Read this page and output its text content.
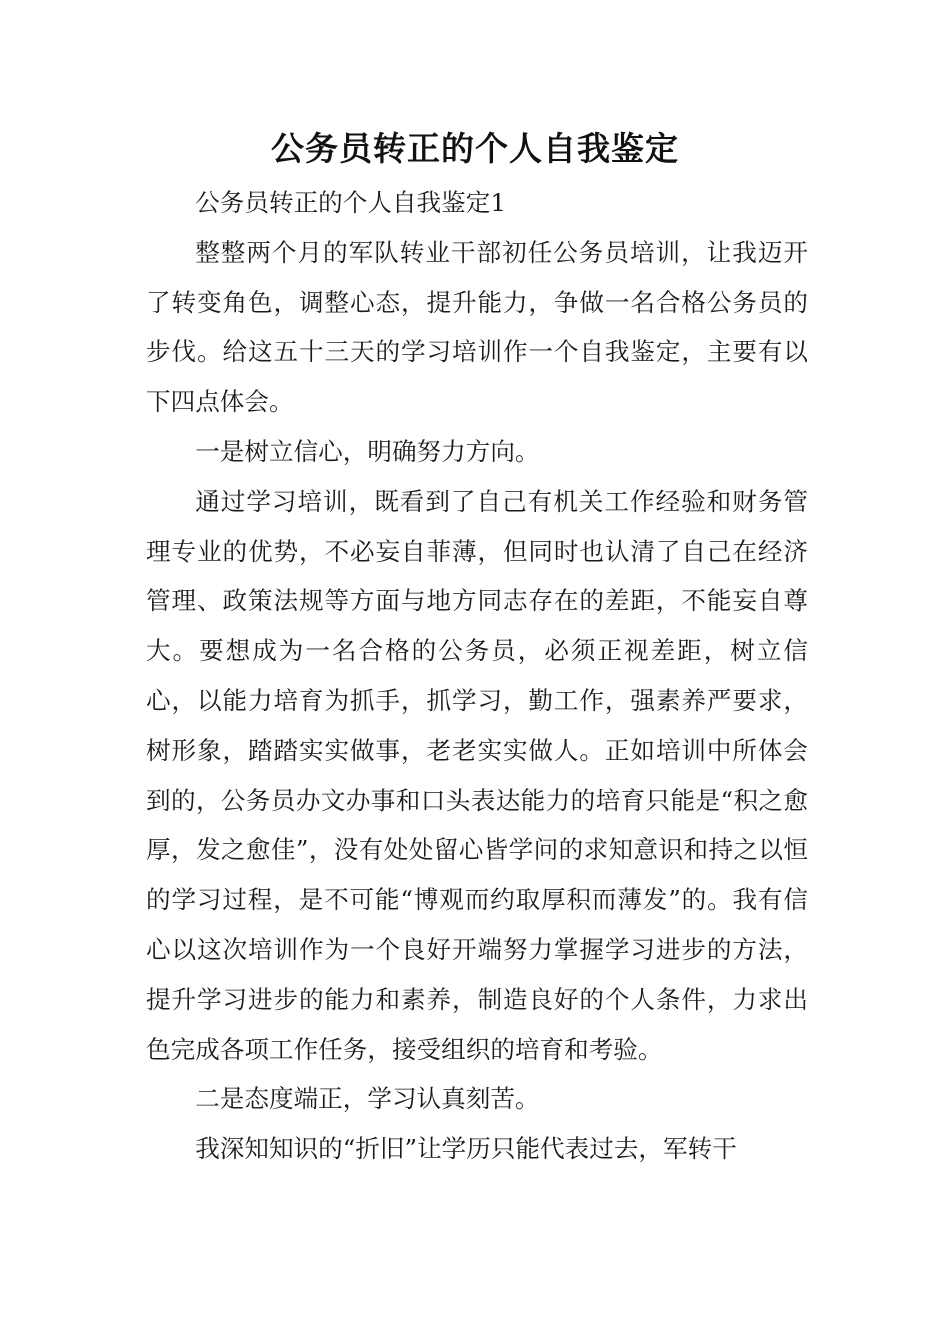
公务员转正的个人自我鉴定

公务员转正的个人自我鉴定1

整整两个月的军队转业干部初任公务员培训，让我迈开了转变角色，调整心态，提升能力，争做一名合格公务员的步伐。给这五十三天的学习培训作一个自我鉴定，主要有以下四点体会。

一是树立信心，明确努力方向。

通过学习培训，既看到了自己有机关工作经验和财务管理专业的优势，不必妄自菲薄，但同时也认清了自己在经济管理、政策法规等方面与地方同志存在的差距，不能妄自尊大。要想成为一名合格的公务员，必须正视差距，树立信心，以能力培育为抓手，抓学习，勤工作，强素养严要求，树形象，踏踏实实做事，老老实实做人。正如培训中所体会到的，公务员办文办事和口头表达能力的培育只能是“积之愈厚，发之愈佳”，没有处处留心皆学问的求知意识和持之以恒的学习过程，是不可能“博观而约取厚积而薄发”的。我有信心以这次培训作为一个良好开端努力掌握学习进步的方法，提升学习进步的能力和素养，制造良好的个人条件，力求出色完成各项工作任务，接受组织的培育和考验。

二是态度端正，学习认真刻苦。

我深知知识的“折旧”让学历只能代表过去，军转干
